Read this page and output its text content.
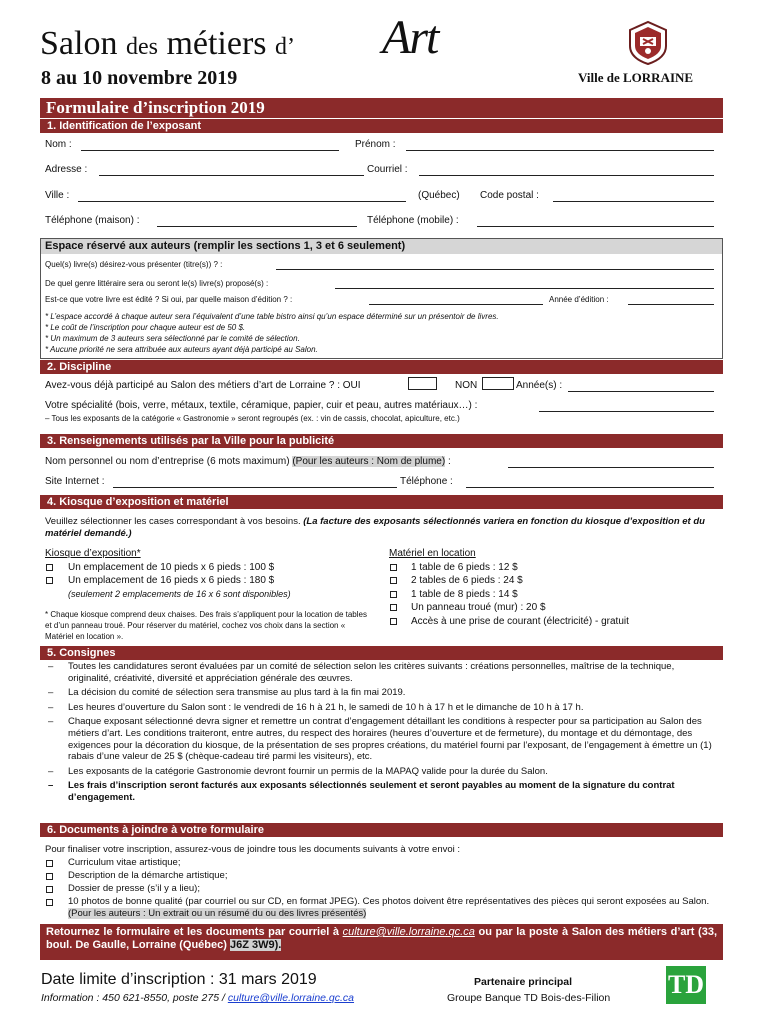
Salon des métiers d’ Art
8 au 10 novembre 2019	Ville de LORRAINE
Formulaire d’inscription 2019
1. Identification de l’exposant
Nom :	Prénom :
Adresse :	Courriel :
Ville :	(Québec) Code postal :
Téléphone (maison) :	Téléphone (mobile) :
Espace réservé aux auteurs (remplir les sections 1, 3 et 6 seulement)
Quel(s) livre(s) désirez-vous présenter (titre(s)) ? :
De quel genre littéraire sera ou seront le(s) livre(s) proposé(s) :
Est-ce que votre livre est édité ? Si oui, par quelle maison d’édition ? :	Année d’édition :
* L’espace accordé à chaque auteur sera l’équivalent d’une table bistro ainsi qu’un espace déterminé sur un présentoir de livres.
* Le coût de l’inscription pour chaque auteur est de 50 $.
* Un maximum de 3 auteurs sera sélectionné par le comité de sélection.
* Aucune priorité ne sera attribuée aux auteurs ayant déjà participé au Salon.
2. Discipline
Avez-vous déjà participé au Salon des métiers d’art de Lorraine ? : OUI	NON	Année(s) :
Votre spécialité (bois, verre, métaux, textile, céramique, papier, cuir et peau, autres matériaux…) :
– Tous les exposants de la catégorie « Gastronomie » seront regroupés (ex. : vin de cassis, chocolat, apiculture, etc.)
3. Renseignements utilisés par la Ville pour la publicité
Nom personnel ou nom d’entreprise (6 mots maximum) (Pour les auteurs : Nom de plume) :
Site Internet :	Téléphone :
4. Kiosque d’exposition et matériel
Veuillez sélectionner les cases correspondant à vos besoins. (La facture des exposants sélectionnés variera en fonction du kiosque d’exposition et du matériel demandé.)
Kiosque d’exposition*
Un emplacement de 10 pieds x 6 pieds : 100 $
Un emplacement de 16 pieds x 6 pieds : 180 $
(seulement 2 emplacements de 16 x 6 sont disponibles)
* Chaque kiosque comprend deux chaises. Des frais s’appliquent pour la location de tables et d’un panneau troué. Pour réserver du matériel, cochez vos choix dans la section « Matériel en location ».
Matériel en location
1 table de 6 pieds : 12 $
2 tables de 6 pieds : 24 $
1 table de 8 pieds : 14 $
Un panneau troué (mur) : 20 $
Accès à une prise de courant (électricité) - gratuit
5. Consignes
– Toutes les candidatures seront évaluées par un comité de sélection selon les critères suivants : créations personnelles, maîtrise de la technique, originalité, créativité, diversité et appréciation générale des œuvres.
– La décision du comité de sélection sera transmise au plus tard à la fin mai 2019.
– Les heures d’ouverture du Salon sont : le vendredi de 16 h à 21 h, le samedi de 10 h à 17 h et le dimanche de 10 h à 17 h.
– Chaque exposant sélectionné devra signer et remettre un contrat d’engagement détaillant les conditions à respecter pour sa participation au Salon des métiers d’art. Les conditions traiteront, entre autres, du respect des horaires (heures d’ouverture et de fermeture), du montage et du démontage, des exigences pour la décoration du kiosque, de la présentation de ses propres créations, du matériel fourni par l’exposant, de l’engagement à émettre un (1) rabais d’une valeur de 25 $ (chèque-cadeau tiré parmi les visiteurs), etc.
– Les exposants de la catégorie Gastronomie devront fournir un permis de la MAPAQ valide pour la durée du Salon.
– Les frais d’inscription seront facturés aux exposants sélectionnés seulement et seront payables au moment de la signature du contrat d’engagement.
6. Documents à joindre à votre formulaire
Pour finaliser votre inscription, assurez-vous de joindre tous les documents suivants à votre envoi :
Curriculum vitae artistique;
Description de la démarche artistique;
Dossier de presse (s’il y a lieu);
10 photos de bonne qualité (par courriel ou sur CD, en format JPEG). Ces photos doivent être représentatives des pièces qui seront exposées au Salon. (Pour les auteurs : Un extrait ou un résumé du ou des livres présentés)
Retournez le formulaire et les documents par courriel à culture@ville.lorraine.qc.ca ou par la poste à Salon des métiers d’art (33, boul. De Gaulle, Lorraine (Québec) J6Z 3W9).
Date limite d’inscription : 31 mars 2019
Information : 450 621-8550, poste 275 / culture@ville.lorraine.qc.ca
Partenaire principal
Groupe Banque TD Bois-des-Filion TD
